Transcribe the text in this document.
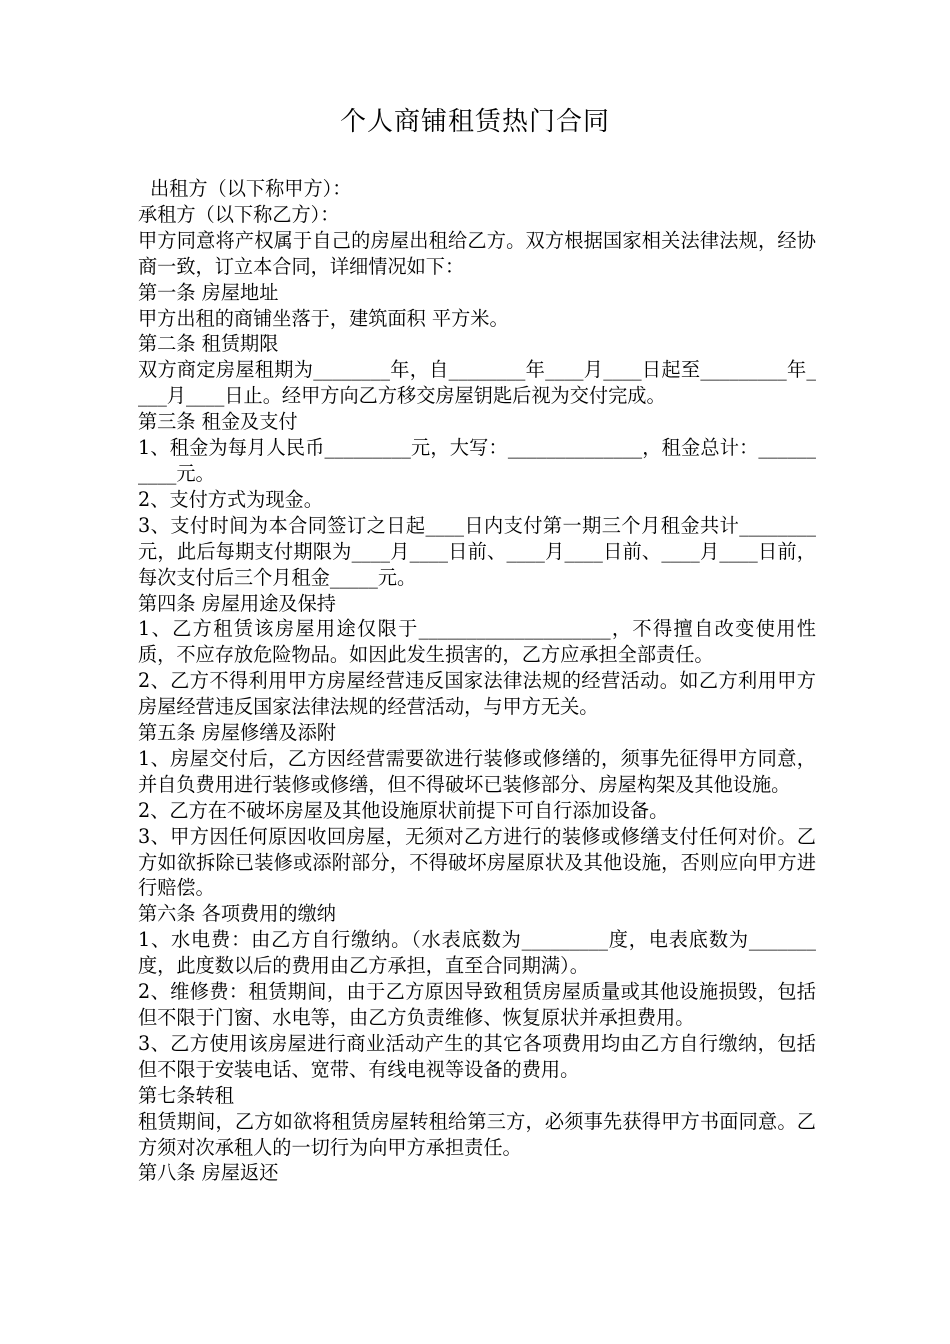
个人商铺租赁热门合同

出租方（以下称甲方）：

承租方（以下称乙方）：

甲方同意将产权属于自己的房屋出租给乙方。双方根据国家相关法律法规，经协商一致，订立本合同，详细情况如下：

第一条 房屋地址

甲方出租的商铺坐落于，建筑面积 平方米。

第二条 租赁期限

双方商定房屋租期为________年，自________年____月____日起至_________年____月____日止。经甲方向乙方移交房屋钥匙后视为交付完成。

第三条 租金及支付

1、租金为每月人民币_________元，大写：______________，租金总计：__________元。

2、支付方式为现金。

3、支付时间为本合同签订之日起____日内支付第一期三个月租金共计________元，此后每期支付期限为____月____日前、____月____日前、____月____日前，每次支付后三个月租金_____元。

第四条 房屋用途及保持

1、乙方租赁该房屋用途仅限于____________________，不得擅自改变使用性质，不应存放危险物品。如因此发生损害的，乙方应承担全部责任。

2、乙方不得利用甲方房屋经营违反国家法律法规的经营活动。如乙方利用甲方房屋经营违反国家法律法规的经营活动，与甲方无关。

第五条 房屋修缮及添附

1、房屋交付后，乙方因经营需要欲进行装修或修缮的，须事先征得甲方同意，并自负费用进行装修或修缮，但不得破坏已装修部分、房屋构架及其他设施。

2、乙方在不破坏房屋及其他设施原状前提下可自行添加设备。

3、甲方因任何原因收回房屋，无须对乙方进行的装修或修缮支付任何对价。乙方如欲拆除已装修或添附部分，不得破坏房屋原状及其他设施，否则应向甲方进行赔偿。

第六条 各项费用的缴纳

1、水电费：由乙方自行缴纳。（水表底数为_________度，电表底数为_______度，此度数以后的费用由乙方承担，直至合同期满）。

2、维修费：租赁期间，由于乙方原因导致租赁房屋质量或其他设施损毁，包括但不限于门窗、水电等，由乙方负责维修、恢复原状并承担费用。

3、乙方使用该房屋进行商业活动产生的其它各项费用均由乙方自行缴纳，包括但不限于安装电话、宽带、有线电视等设备的费用。

第七条转租

租赁期间，乙方如欲将租赁房屋转租给第三方，必须事先获得甲方书面同意。乙方须对次承租人的一切行为向甲方承担责任。

第八条 房屋返还
